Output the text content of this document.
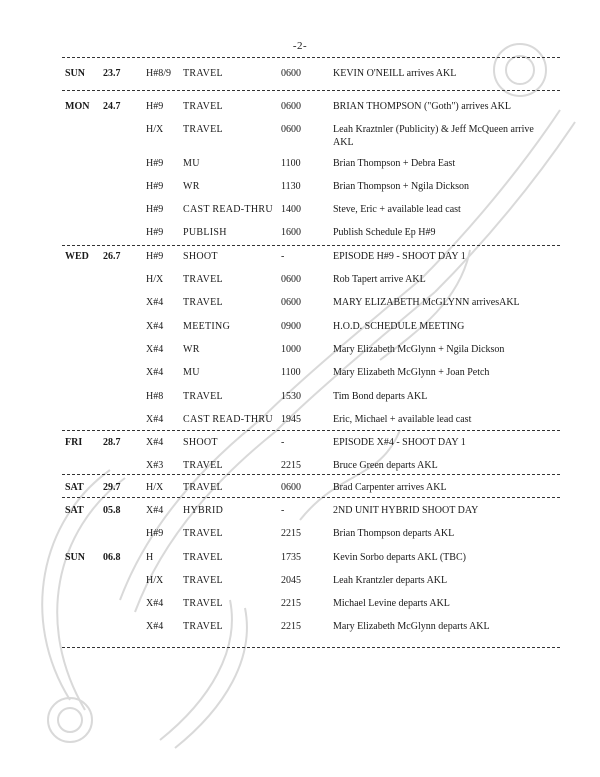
-2-
SUN 23.7	H#8/9 TRAVEL	0600	KEVIN O'NEILL arrives AKL
MON 24.7	H#9 TRAVEL	0600	BRIAN THOMPSON ("Goth") arrives AKL
H/X TRAVEL	0600	Leah Kraztnler (Publicity) & Jeff McQueen arrive AKL
H#9 MU	1100	Brian Thompson + Debra East
H#9 WR	1130	Brian Thompson + Ngila Dickson
H#9 CAST READ-THRU 1400	Steve, Eric + available lead cast
H#9 PUBLISH	1600	Publish Schedule Ep H#9
WED 26.7	H#9 SHOOT	-	EPISODE H#9 - SHOOT DAY 1
H/X TRAVEL	0600	Rob Tapert arrive AKL
X#4 TRAVEL	0600	MARY ELIZABETH McGLYNN arrivesAKL
X#4 MEETING	0900	H.O.D. SCHEDULE MEETING
X#4 WR	1000	Mary Elizabeth McGlynn + Ngila Dickson
X#4 MU	1100	Mary Elizabeth McGlynn + Joan Petch
H#8 TRAVEL	1530	Tim Bond departs AKL
X#4 CAST READ-THRU 1945	Eric, Michael + available lead cast
FRI 28.7	X#4 SHOOT	-	EPISODE X#4 - SHOOT DAY 1
X#3 TRAVEL	2215	Bruce Green departs AKL
SAT 29.7	H/X TRAVEL	0600	Brad Carpenter arrives AKL
SAT 05.8	X#4 HYBRID	-	2ND UNIT HYBRID SHOOT DAY
H#9 TRAVEL	2215	Brian Thompson departs AKL
SUN 06.8	H	TRAVEL	1735	Kevin Sorbo departs AKL (TBC)
H/X TRAVEL	2045	Leah Krantzler departs AKL
X#4 TRAVEL	2215	Michael Levine departs AKL
X#4 TRAVEL	2215	Mary Elizabeth McGlynn departs AKL
